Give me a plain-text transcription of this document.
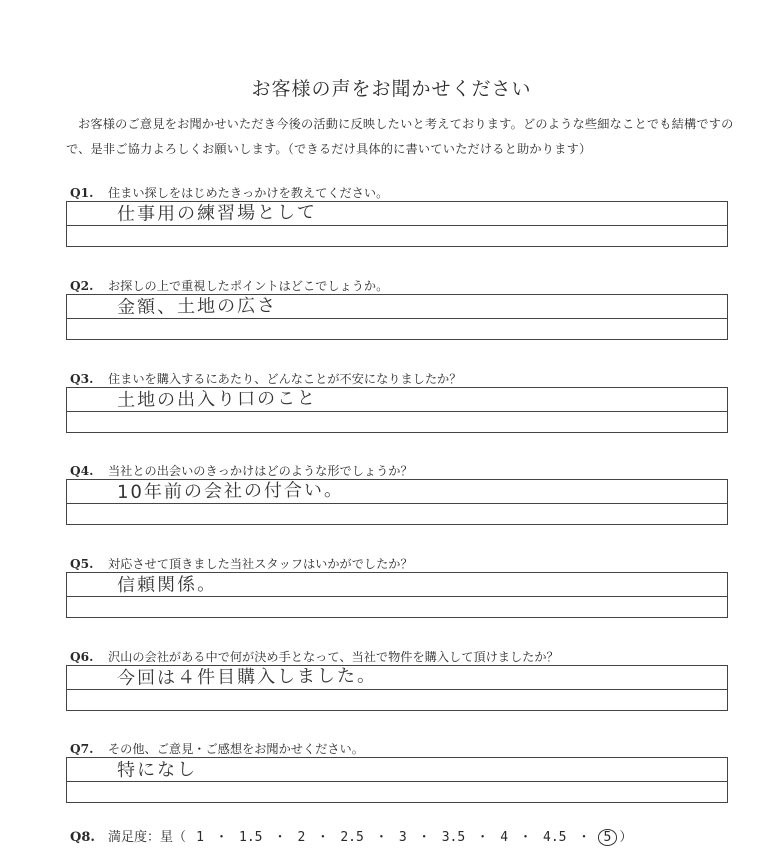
お客様の声をお聞かせください
お客様のご意見をお聞かせいただき今後の活動に反映したいと考えております。どのような些細なことでも結構ですので、是非ご協力よろしくお願いします。（できるだけ具体的に書いていただけると助かります）
Q1. 住まい探しをはじめたきっかけを教えてください。
仕事用の練習場として
Q2. お探しの上で重視したポイントはどこでしょうか。
金額、土地の広さ
Q3. 住まいを購入するにあたり、どんなことが不安になりましたか？
土地の出入り口のこと
Q4. 当社との出会いのきっかけはどのような形でしょうか？
10年前の会社の付合い。
Q5. 対応させて頂きました当社スタッフはいかがでしたか？
信頼関係。
Q6. 沢山の会社がある中で何が決め手となって、当社で物件を購入して頂けましたか？
今回は４件目購入しました。
Q7. その他、ご意見・ご感想をお聞かせください。
特になし
Q8. 満足度：星（ 1 ・ 1.5 ・ 2 ・ 2.5 ・ 3 ・ 3.5 ・ 4 ・ 4.5 ・ 5 ）
